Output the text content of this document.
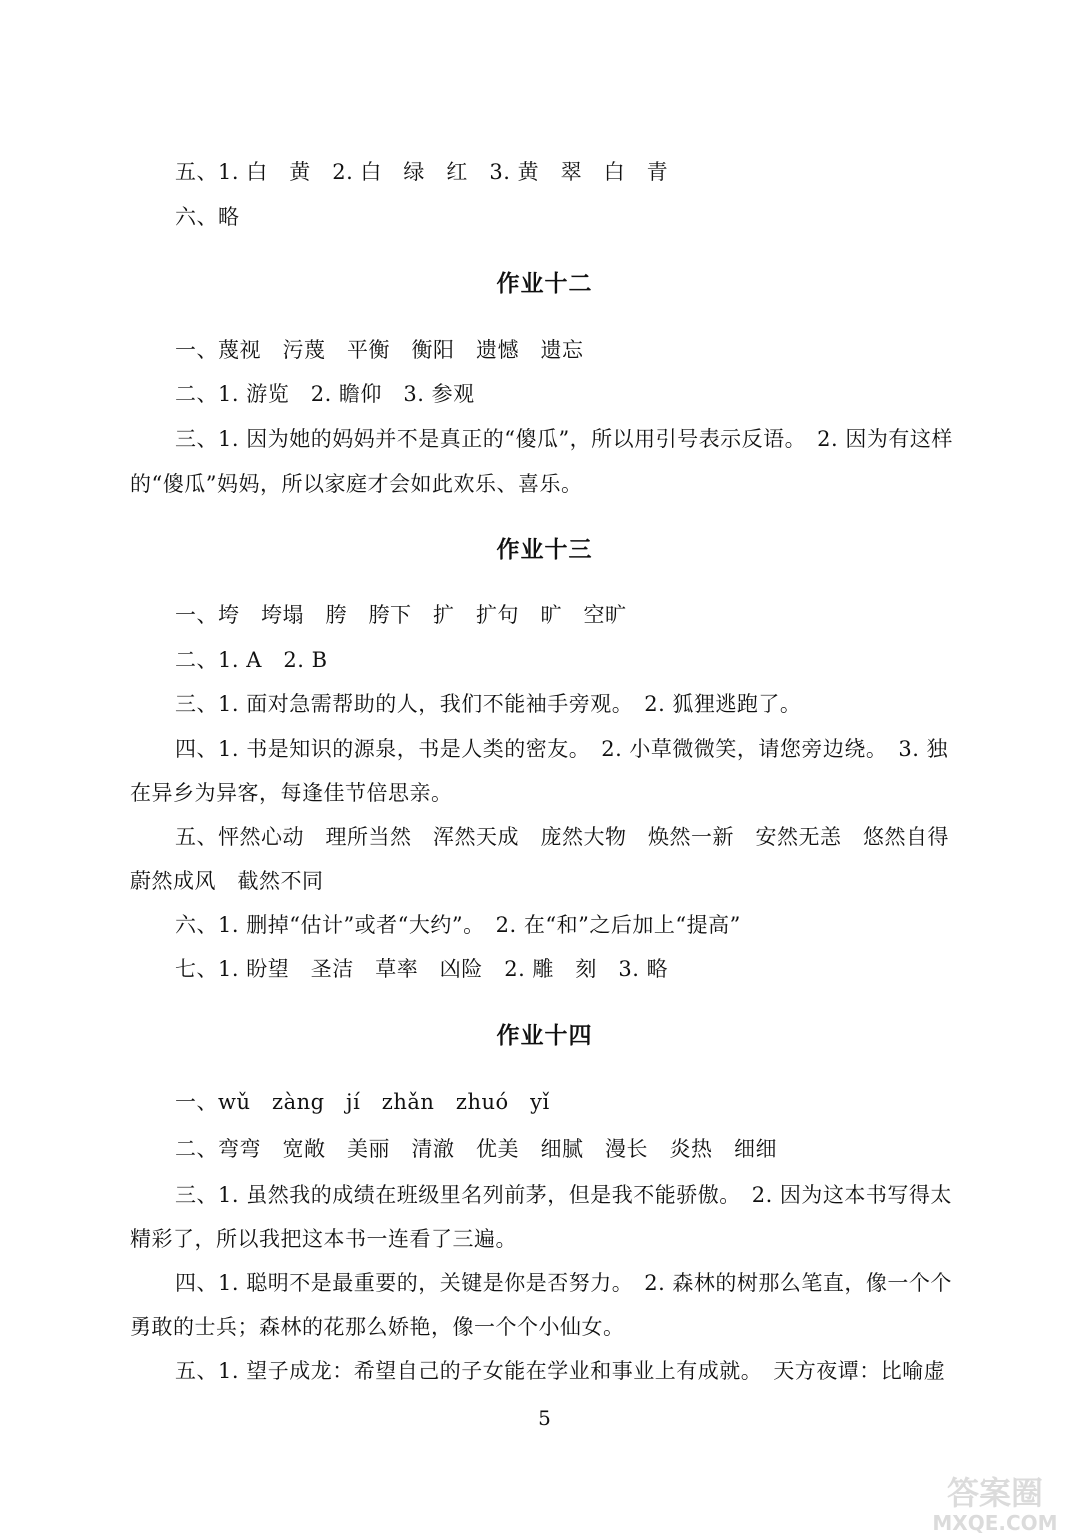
五、1. 白　黄　2. 白　绿　红　3. 黄　翠　白　青
六、略
作业十二
一、蔑视　污蔑　平衡　衡阳　遗憾　遗忘
二、1. 游览　2. 瞻仰　3. 参观
三、1. 因为她的妈妈并不是真正的“傻瓜”，所以用引号表示反语。　2. 因为有这样
的“傻瓜”妈妈，所以家庭才会如此欢乐、喜乐。
作业十三
一、垮　垮塌　胯　胯下　扩　扩句　旷　空旷
二、1. A　2. B
三、1. 面对急需帮助的人，我们不能袖手旁观。　2. 狐狸逃跑了。
四、1. 书是知识的源泉，书是人类的密友。　2. 小草微微笑，请您旁边绕。　3. 独
在异乡为异客，每逢佳节倍思亲。
五、怦然心动　理所当然　浑然天成　庞然大物　焕然一新　安然无恙　悠然自得
蔚然成风　截然不同
六、1. 删掉“估计”或者“大约”。　2. 在“和”之后加上“提高”
七、1. 盼望　圣洁　草率　凶险　2. 雕　刻　3. 略
作业十四
一、wǔ　zàng　jí　zhǎn　zhuó　yǐ
二、弯弯　宽敞　美丽　清澈　优美　细腻　漫长　炎热　细细
三、1. 虽然我的成绩在班级里名列前茅，但是我不能骄傲。　2. 因为这本书写得太
精彩了，所以我把这本书一连看了三遍。
四、1. 聪明不是最重要的，关键是你是否努力。　2. 森林的树那么笔直，像一个个
勇敢的士兵；森林的花那么娇艳，像一个个小仙女。
五、1. 望子成龙：希望自己的子女能在学业和事业上有成就。　天方夜谭：比喻虚
5
答案圈
MXQE.COM
